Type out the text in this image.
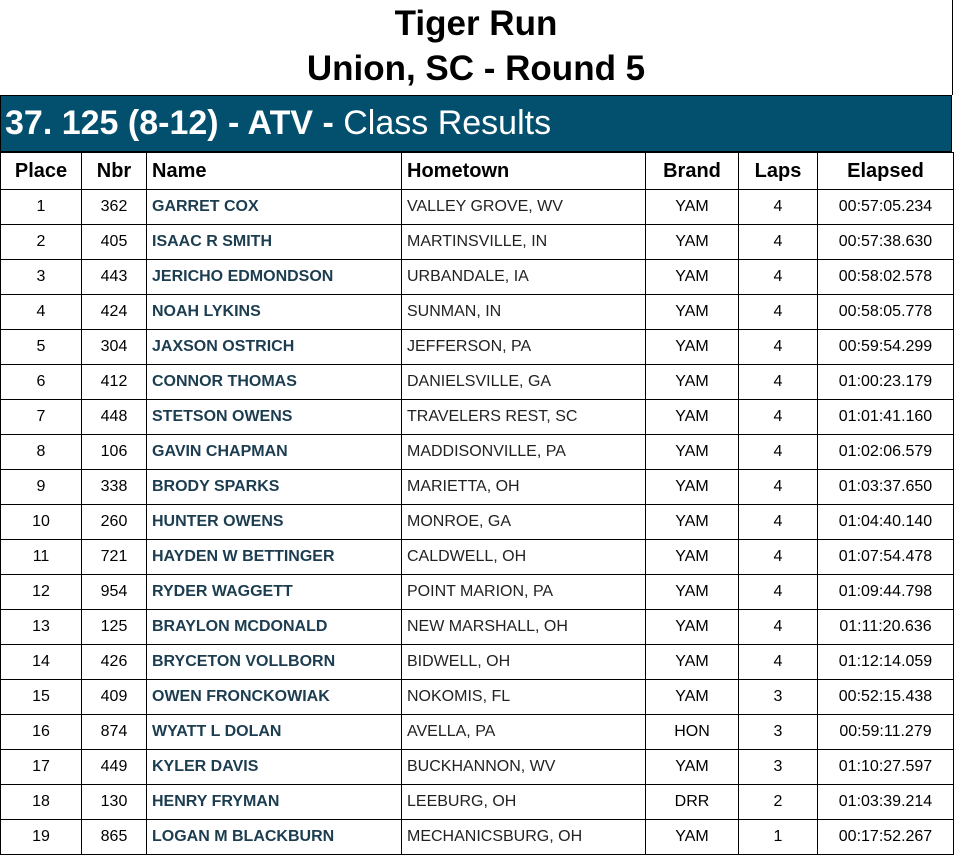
Tiger Run
Union, SC - Round 5
37. 125 (8-12) - ATV - Class Results
Place	Nbr	Name	Hometown	Brand	Laps	Elapsed
1	362	GARRET COX	VALLEY GROVE, WV	YAM	4	00:57:05.234
2	405	ISAAC R SMITH	MARTINSVILLE, IN	YAM	4	00:57:38.630
3	443	JERICHO EDMONDSON	URBANDALE, IA	YAM	4	00:58:02.578
4	424	NOAH LYKINS	SUNMAN, IN	YAM	4	00:58:05.778
5	304	JAXSON OSTRICH	JEFFERSON, PA	YAM	4	00:59:54.299
6	412	CONNOR THOMAS	DANIELSVILLE, GA	YAM	4	01:00:23.179
7	448	STETSON OWENS	TRAVELERS REST, SC	YAM	4	01:01:41.160
8	106	GAVIN CHAPMAN	MADDISONVILLE, PA	YAM	4	01:02:06.579
9	338	BRODY SPARKS	MARIETTA, OH	YAM	4	01:03:37.650
10	260	HUNTER OWENS	MONROE, GA	YAM	4	01:04:40.140
11	721	HAYDEN W BETTINGER	CALDWELL, OH	YAM	4	01:07:54.478
12	954	RYDER WAGGETT	POINT MARION, PA	YAM	4	01:09:44.798
13	125	BRAYLON MCDONALD	NEW MARSHALL, OH	YAM	4	01:11:20.636
14	426	BRYCETON VOLLBORN	BIDWELL, OH	YAM	4	01:12:14.059
15	409	OWEN FRONCKOWIAK	NOKOMIS, FL	YAM	3	00:52:15.438
16	874	WYATT L DOLAN	AVELLA, PA	HON	3	00:59:11.279
17	449	KYLER DAVIS	BUCKHANNON, WV	YAM	3	01:10:27.597
18	130	HENRY FRYMAN	LEEBURG, OH	DRR	2	01:03:39.214
19	865	LOGAN M BLACKBURN	MECHANICSBURG, OH	YAM	1	00:17:52.267
